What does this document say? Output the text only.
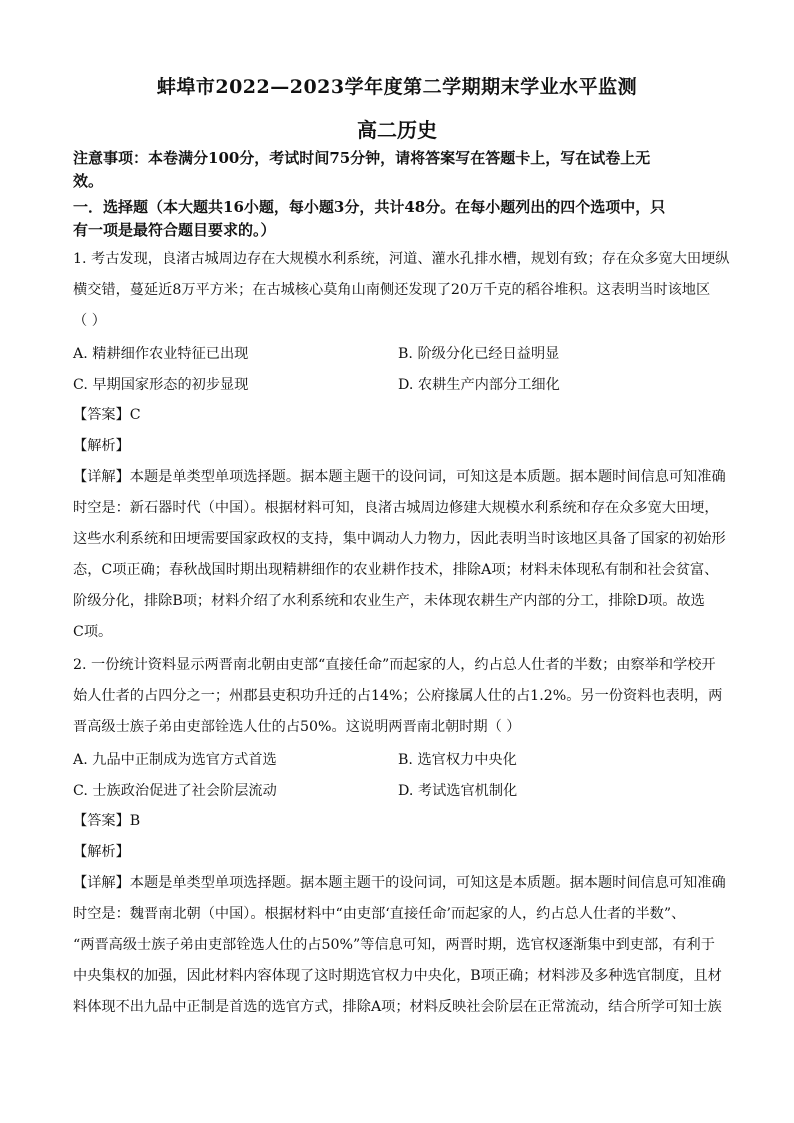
蚌埠市2022—2023学年度第二学期期末学业水平监测
高二历史
注意事项：本卷满分100分，考试时间75分钟，请将答案写在答题卡上，写在试卷上无
效。
一．选择题（本大题共16小题，每小题3分，共计48分。在每小题列出的四个选项中，只
有一项是最符合题目要求的。）
1. 考古发现，良渚古城周边存在大规模水利系统，河道、灌水孔排水槽，规划有致；存在众多宽大田埂纵
横交错，蔓延近8万平方米；在古城核心莫角山南侧还发现了20万千克的稻谷堆积。这表明当时该地区
（ ）
A. 精耕细作农业特征已出现	B. 阶级分化已经日益明显
C. 早期国家形态的初步显现	D. 农耕生产内部分工细化
【答案】C
【解析】
【详解】本题是单类型单项选择题。据本题主题干的设问词，可知这是本质题。据本题时间信息可知准确
时空是：新石器时代（中国）。根据材料可知，良渚古城周边修建大规模水利系统和存在众多宽大田埂，
这些水利系统和田埂需要国家政权的支持，集中调动人力物力，因此表明当时该地区具备了国家的初始形
态，C项正确；春秋战国时期出现精耕细作的农业耕作技术，排除A项；材料未体现私有制和社会贫富、
阶级分化，排除B项；材料介绍了水利系统和农业生产，未体现农耕生产内部的分工，排除D项。故选
C项。
2. 一份统计资料显示两晋南北朝由吏部“直接任命”而起家的人，约占总人仕者的半数；由察举和学校开
始人仕者的占四分之一；州郡县吏积功升迁的占14%；公府掾属人仕的占1.2%。另一份资料也表明，两
晋高级士族子弟由吏部铨选人仕的占50%。这说明两晋南北朝时期（ ）
A. 九品中正制成为选官方式首选	B. 选官权力中央化
C. 士族政治促进了社会阶层流动	D. 考试选官机制化
【答案】B
【解析】
【详解】本题是单类型单项选择题。据本题主题干的设问词，可知这是本质题。据本题时间信息可知准确
时空是：魏晋南北朝（中国）。根据材料中“由吏部‘直接任命’而起家的人，约占总人仕者的半数”、
“两晋高级士族子弟由吏部铨选人仕的占50%”等信息可知，两晋时期，选官权逐渐集中到吏部，有利于
中央集权的加强，因此材料内容体现了这时期选官权力中央化，B项正确；材料涉及多种选官制度，且材
料体现不出九品中正制是首选的选官方式，排除A项；材料反映社会阶层在正常流动，结合所学可知士族
